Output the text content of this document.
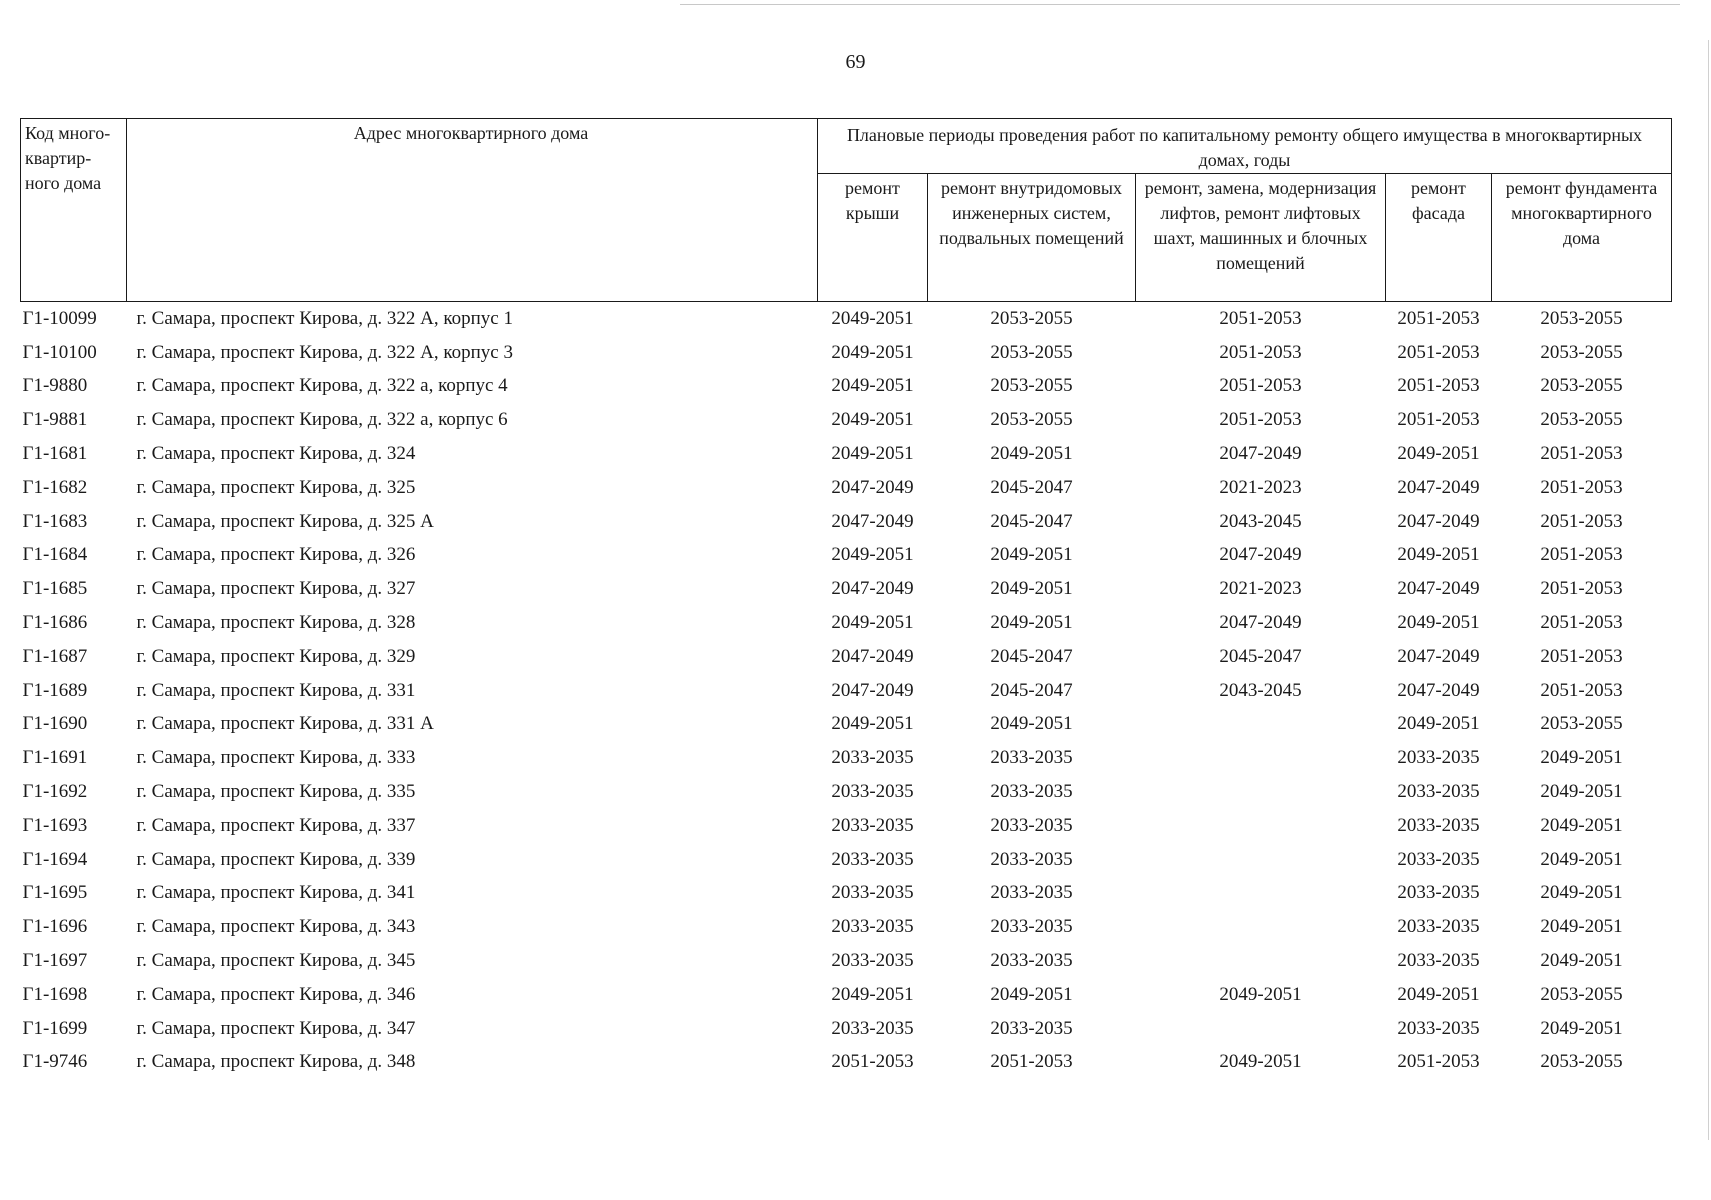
69
Код много-квартир-ного дома	Адрес многоквартирного дома	Плановые периоды проведения работ по капитальному ремонту общего имущества в многоквартирных домах, годы				
		ремонт крыши	ремонт внутридомовых инженерных систем, подвальных помещений	ремонт, замена, модернизация лифтов, ремонт лифтовых шахт, машинных и блочных помещений	ремонт фасада	ремонт фундамента многоквартирного дома
Г1-10099	г. Самара, проспект Кирова, д. 322 А, корпус 1	2049-2051	2053-2055	2051-2053	2051-2053	2053-2055
Г1-10100	г. Самара, проспект Кирова, д. 322 А, корпус 3	2049-2051	2053-2055	2051-2053	2051-2053	2053-2055
Г1-9880	г. Самара, проспект Кирова, д. 322 а, корпус 4	2049-2051	2053-2055	2051-2053	2051-2053	2053-2055
Г1-9881	г. Самара, проспект Кирова, д. 322 а, корпус 6	2049-2051	2053-2055	2051-2053	2051-2053	2053-2055
Г1-1681	г. Самара, проспект Кирова, д. 324	2049-2051	2049-2051	2047-2049	2049-2051	2051-2053
Г1-1682	г. Самара, проспект Кирова, д. 325	2047-2049	2045-2047	2021-2023	2047-2049	2051-2053
Г1-1683	г. Самара, проспект Кирова, д. 325 А	2047-2049	2045-2047	2043-2045	2047-2049	2051-2053
Г1-1684	г. Самара, проспект Кирова, д. 326	2049-2051	2049-2051	2047-2049	2049-2051	2051-2053
Г1-1685	г. Самара, проспект Кирова, д. 327	2047-2049	2049-2051	2021-2023	2047-2049	2051-2053
Г1-1686	г. Самара, проспект Кирова, д. 328	2049-2051	2049-2051	2047-2049	2049-2051	2051-2053
Г1-1687	г. Самара, проспект Кирова, д. 329	2047-2049	2045-2047	2045-2047	2047-2049	2051-2053
Г1-1689	г. Самара, проспект Кирова, д. 331	2047-2049	2045-2047	2043-2045	2047-2049	2051-2053
Г1-1690	г. Самара, проспект Кирова, д. 331 А	2049-2051	2049-2051		2049-2051	2053-2055
Г1-1691	г. Самара, проспект Кирова, д. 333	2033-2035	2033-2035		2033-2035	2049-2051
Г1-1692	г. Самара, проспект Кирова, д. 335	2033-2035	2033-2035		2033-2035	2049-2051
Г1-1693	г. Самара, проспект Кирова, д. 337	2033-2035	2033-2035		2033-2035	2049-2051
Г1-1694	г. Самара, проспект Кирова, д. 339	2033-2035	2033-2035		2033-2035	2049-2051
Г1-1695	г. Самара, проспект Кирова, д. 341	2033-2035	2033-2035		2033-2035	2049-2051
Г1-1696	г. Самара, проспект Кирова, д. 343	2033-2035	2033-2035		2033-2035	2049-2051
Г1-1697	г. Самара, проспект Кирова, д. 345	2033-2035	2033-2035		2033-2035	2049-2051
Г1-1698	г. Самара, проспект Кирова, д. 346	2049-2051	2049-2051	2049-2051	2049-2051	2053-2055
Г1-1699	г. Самара, проспект Кирова, д. 347	2033-2035	2033-2035		2033-2035	2049-2051
Г1-9746	г. Самара, проспект Кирова, д. 348	2051-2053	2051-2053	2049-2051	2051-2053	2053-2055
